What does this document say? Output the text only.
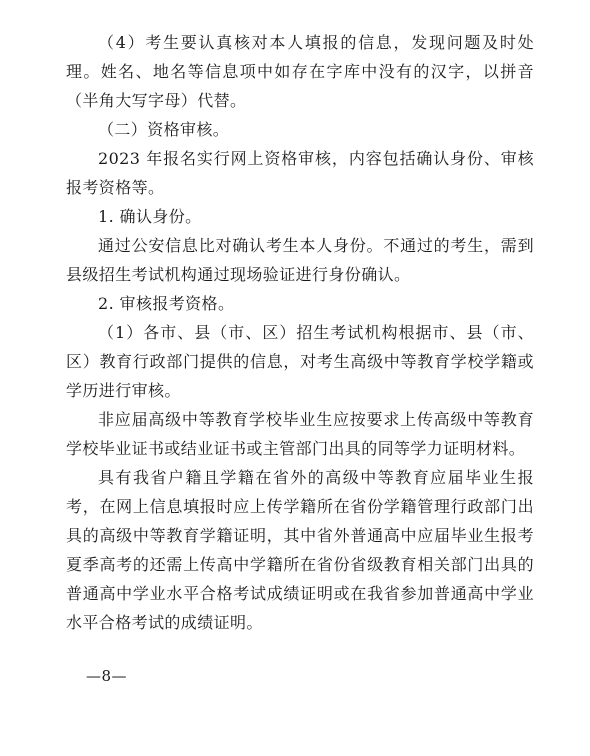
（4）考生要认真核对本人填报的信息，发现问题及时处理。姓名、地名等信息项中如存在字库中没有的汉字，以拼音（半角大写字母）代替。

（二）资格审核。

2023 年报名实行网上资格审核，内容包括确认身份、审核报考资格等。

1. 确认身份。

通过公安信息比对确认考生本人身份。不通过的考生，需到县级招生考试机构通过现场验证进行身份确认。

2. 审核报考资格。

（1）各市、县（市、区）招生考试机构根据市、县（市、区）教育行政部门提供的信息，对考生高级中等教育学校学籍或学历进行审核。

非应届高级中等教育学校毕业生应按要求上传高级中等教育学校毕业证书或结业证书或主管部门出具的同等学力证明材料。

具有我省户籍且学籍在省外的高级中等教育应届毕业生报考，在网上信息填报时应上传学籍所在省份学籍管理行政部门出具的高级中等教育学籍证明，其中省外普通高中应届毕业生报考夏季高考的还需上传高中学籍所在省份省级教育相关部门出具的普通高中学业水平合格考试成绩证明或在我省参加普通高中学业水平合格考试的成绩证明。

—8—
